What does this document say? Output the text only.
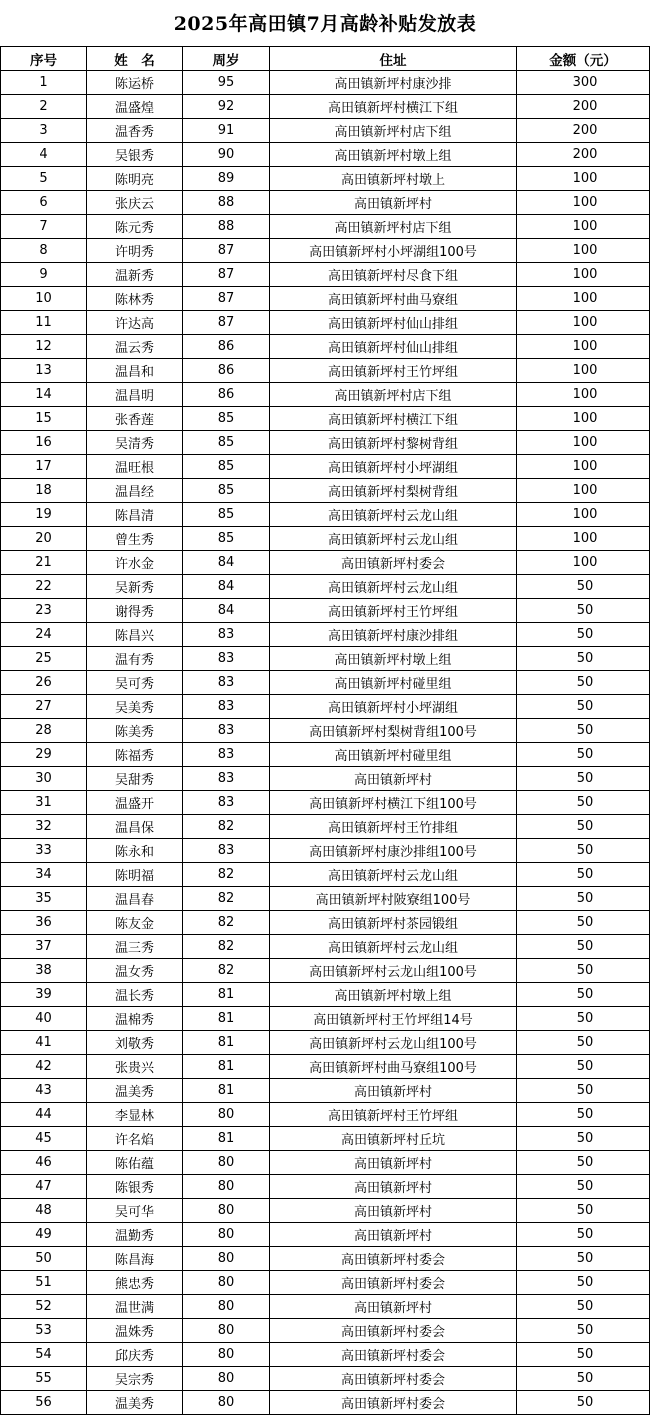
2025年高田镇7月高龄补贴发放表
序号	姓　名	周岁	住址	金额（元）
1	陈运桥	95	高田镇新坪村康沙排	300
2	温盛煌	92	高田镇新坪村横江下组	200
3	温香秀	91	高田镇新坪村店下组	200
4	吴银秀	90	高田镇新坪村墩上组	200
5	陈明亮	89	高田镇新坪村墩上	100
6	张庆云	88	高田镇新坪村	100
7	陈元秀	88	高田镇新坪村店下组	100
8	许明秀	87	高田镇新坪村小坪湖组100号	100
9	温新秀	87	高田镇新坪村尽食下组	100
10	陈林秀	87	高田镇新坪村曲马寮组	100
11	许达高	87	高田镇新坪村仙山排组	100
12	温云秀	86	高田镇新坪村仙山排组	100
13	温昌和	86	高田镇新坪村王竹坪组	100
14	温昌明	86	高田镇新坪村店下组	100
15	张香莲	85	高田镇新坪村横江下组	100
16	吴清秀	85	高田镇新坪村黎树背组	100
17	温旺根	85	高田镇新坪村小坪湖组	100
18	温昌经	85	高田镇新坪村梨树背组	100
19	陈昌清	85	高田镇新坪村云龙山组	100
20	曾生秀	85	高田镇新坪村云龙山组	100
21	许水金	84	高田镇新坪村委会	100
22	吴新秀	84	高田镇新坪村云龙山组	50
23	谢得秀	84	高田镇新坪村王竹坪组	50
24	陈昌兴	83	高田镇新坪村康沙排组	50
25	温有秀	83	高田镇新坪村墩上组	50
26	吴可秀	83	高田镇新坪村碰里组	50
27	吴美秀	83	高田镇新坪村小坪湖组	50
28	陈美秀	83	高田镇新坪村梨树背组100号	50
29	陈福秀	83	高田镇新坪村碰里组	50
30	吴甜秀	83	高田镇新坪村	50
31	温盛开	83	高田镇新坪村横江下组100号	50
32	温昌保	82	高田镇新坪村王竹排组	50
33	陈永和	83	高田镇新坪村康沙排组100号	50
34	陈明福	82	高田镇新坪村云龙山组	50
35	温昌春	82	高田镇新坪村陂寮组100号	50
36	陈友金	82	高田镇新坪村茶园锻组	50
37	温三秀	82	高田镇新坪村云龙山组	50
38	温女秀	82	高田镇新坪村云龙山组100号	50
39	温长秀	81	高田镇新坪村墩上组	50
40	温棉秀	81	高田镇新坪村王竹坪组14号	50
41	刘敬秀	81	高田镇新坪村云龙山组100号	50
42	张贵兴	81	高田镇新坪村曲马寮组100号	50
43	温美秀	81	高田镇新坪村	50
44	李显林	80	高田镇新坪村王竹坪组	50
45	许名焰	81	高田镇新坪村丘坑	50
46	陈佑蕴	80	高田镇新坪村	50
47	陈银秀	80	高田镇新坪村	50
48	吴可华	80	高田镇新坪村	50
49	温勤秀	80	高田镇新坪村	50
50	陈昌海	80	高田镇新坪村委会	50
51	熊忠秀	80	高田镇新坪村委会	50
52	温世满	80	高田镇新坪村	50
53	温姝秀	80	高田镇新坪村委会	50
54	邱庆秀	80	高田镇新坪村委会	50
55	吴宗秀	80	高田镇新坪村委会	50
56	温美秀	80	高田镇新坪村委会	50
